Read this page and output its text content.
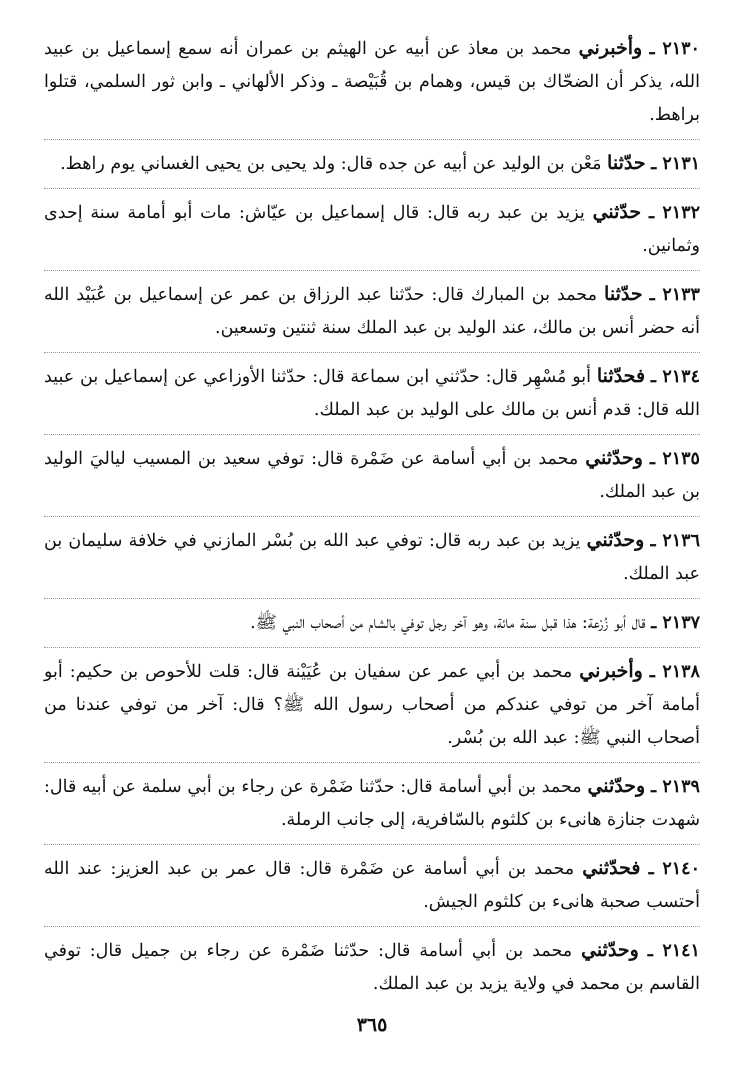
٢١٣٠ ـ وأخبرني محمد بن معاذ عن أبيه عن الهيثم بن عمران أنه سمع إسماعيل بن عبيد الله، يذكر أن الضحّاك بن قيس، وهمام بن قُبَيْصة ـ وذكر الألهاني ـ وابن ثور السلمي، قتلوا براهط.
٢١٣١ ـ حدّثنا مَعْن بن الوليد عن أبيه عن جده قال: ولد يحيى بن يحيى الغساني يوم راهط.
٢١٣٢ ـ حدّثني يزيد بن عبد ربه قال: قال إسماعيل بن عيّاش: مات أبو أمامة سنة إحدى وثمانين.
٢١٣٣ ـ حدّثنا محمد بن المبارك قال: حدّثنا عبد الرزاق بن عمر عن إسماعيل بن عُبَيْد الله أنه حضر أنس بن مالك، عند الوليد بن عبد الملك سنة ثنتين وتسعين.
٢١٣٤ ـ فحدّثنا أبو مُسْهِر قال: حدّثني ابن سماعة قال: حدّثنا الأوزاعي عن إسماعيل بن عبيد الله قال: قدم أنس بن مالك على الوليد بن عبد الملك.
٢١٣٥ ـ وحدّثني محمد بن أبي أسامة عن ضَمْرة قال: توفي سعيد بن المسيب لياليَ الوليد بن عبد الملك.
٢١٣٦ ـ وحدّثني يزيد بن عبد ربه قال: توفي عبد الله بن بُسْر المازني في خلافة سليمان بن عبد الملك.
٢١٣٧ ـ قال أبو زُرْعة: هذا قبل سنة مائة، وهو آخر رجل توفي بالشام من أصحاب النبي ﷺ.
٢١٣٨ ـ وأخبرني محمد بن أبي عمر عن سفيان بن عُيَيْنة قال: قلت للأحوص بن حكيم: أبو أمامة آخر من توفي عندكم من أصحاب رسول الله ﷺ؟ قال: آخر من توفي عندنا من أصحاب النبي ﷺ: عبد الله بن بُسْر.
٢١٣٩ ـ وحدّثني محمد بن أبي أسامة قال: حدّثنا ضَمْرة عن رجاء بن أبي سلمة عن أبيه قال: شهدت جنازة هانىء بن كلثوم بالسّافرية، إلى جانب الرملة.
٢١٤٠ ـ فحدّثني محمد بن أبي أسامة عن ضَمْرة قال: قال عمر بن عبد العزيز: عند الله أحتسب صحبة هانىء بن كلثوم الجيش.
٢١٤١ ـ وحدّثني محمد بن أبي أسامة قال: حدّثنا ضَمْرة عن رجاء بن جميل قال: توفي القاسم بن محمد في ولاية يزيد بن عبد الملك.
٣٦٥
